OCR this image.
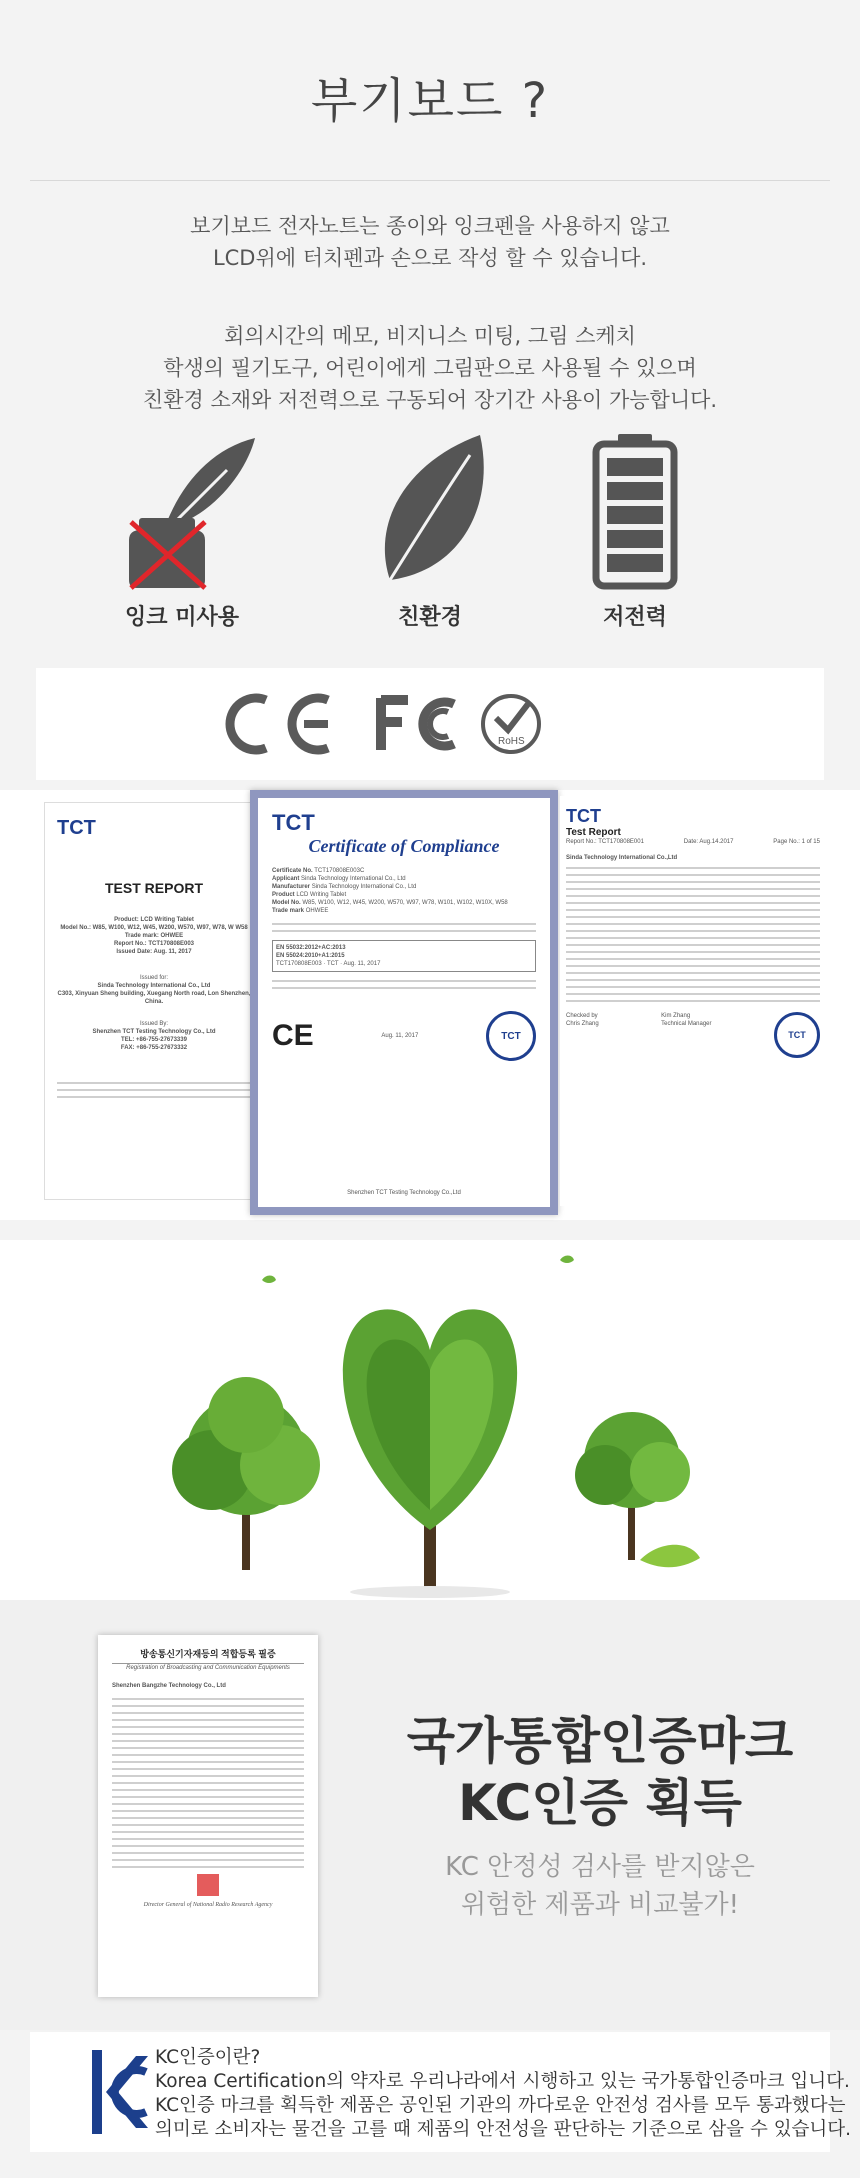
부기보드 ?
보기보드 전자노트는 종이와 잉크펜을 사용하지 않고
LCD위에 터치펜과 손으로 작성 할 수 있습니다.
회의시간의 메모, 비지니스 미팅, 그림 스케치
학생의 필기도구, 어린이에게 그림판으로 사용될 수 있으며
친환경 소재와 저전력으로 구동되어 장기간 사용이 가능합니다.
잉크 미사용	친환경	저전력
RoHS
TCT
TEST REPORT
Product: LCD Writing Tablet
Model No.: W85, W100, W12, W45, W200, W570, W97, W78, W W58
Trade mark: OHWEE
Report No.: TCT170808E003
Issued Date: Aug. 11, 2017
Issued for:
Sinda Technology International Co., Ltd
C303, Xinyuan Sheng building, Xuegang North road, Lon Shenzhen, China.
Issued By:
Shenzhen TCT Testing Technology Co., Ltd
TEL: +86-755-27673339
FAX: +86-755-27673332
TCT
Certificate of Compliance
Certificate No. TCT170808E003C
Applicant Sinda Technology International Co., Ltd
Manufacturer Sinda Technology International Co., Ltd
Product LCD Writing Tablet
Model No. W85, W100, W12, W45, W200, W570, W97, W78, W101, W102, W10X, W58
Trade mark OHWEE
EN 55032:2012+AC:2013
EN 55024:2010+A1:2015
TCT170808E003 · TCT · Aug. 11, 2017
CE	Aug. 11, 2017	TCT
Shenzhen TCT Testing Technology Co.,Ltd
TCT
Test Report
Report No.: TCT170808E001	Date: Aug.14.2017	Page No.: 1 of 15
Sinda Technology International Co.,Ltd
Checked by
Chris Zhang
Kim Zhang
Technical Manager
TCT
방송통신기자재등의 적합등록 필증
Registration of Broadcasting and Communication Equipments
Shenzhen Bangzhe Technology Co., Ltd
Director General of National Radio Research Agency
국가통합인증마크
KC인증 획득
KC 안정성 검사를 받지않은
위험한 제품과 비교불가!
KC인증이란?
Korea Certification의 약자로 우리나라에서 시행하고 있는 국가통합인증마크 입니다.
KC인증 마크를 획득한 제품은 공인된 기관의 까다로운 안전성 검사를 모두 통과했다는
의미로 소비자는 물건을 고를 때 제품의 안전성을 판단하는 기준으로 삼을 수 있습니다.
